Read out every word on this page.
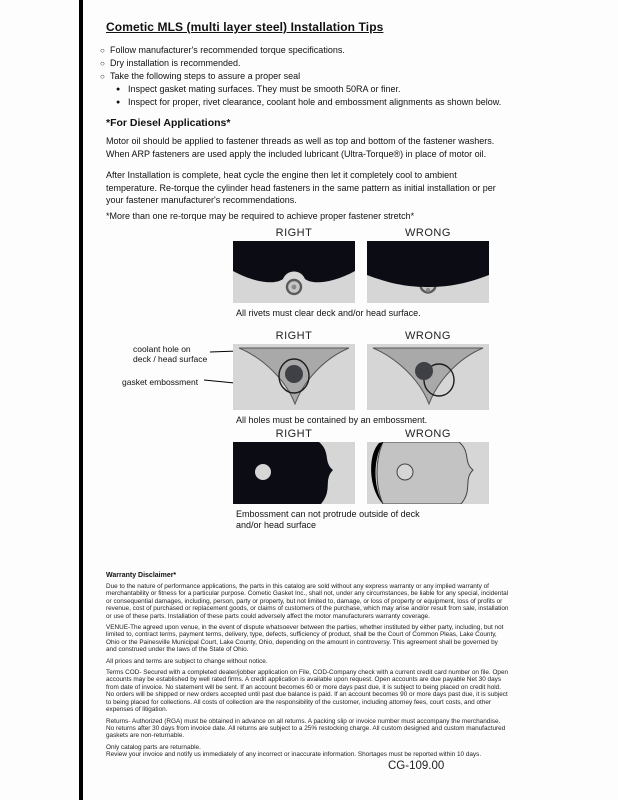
Cometic MLS (multi layer steel) Installation Tips
○ Follow manufacturer's recommended torque specifications.
○ Dry installation is recommended.
○ Take the following steps to assure a proper seal
● Inspect gasket mating surfaces. They must be smooth 50RA or finer.
● Inspect for proper, rivet clearance, coolant hole and embossment alignments as shown below.
*For Diesel Applications*

Motor oil should be applied to fastener threads as well as top and bottom of the fastener washers. When ARP fasteners are used apply the included lubricant (Ultra-Torque®) in place of motor oil.

After Installation is complete, heat cycle the engine then let it completely cool to ambient temperature. Re-torque the cylinder head fasteners in the same pattern as initial installation or per your fastener manufacturer's recommendations.

*More than one re-torque may be required to achieve proper fastener stretch*

RIGHT	WRONG
All rivets must clear deck and/or head surface.
coolant hole on
deck / head surface
gasket embossment
RIGHT	WRONG
All holes must be contained by an embossment.
RIGHT	WRONG
Embossment can not protrude outside of deck
and/or head surface
Warranty Disclaimer*

Due to the nature of performance applications, the parts in this catalog are sold without any express warranty or any implied warranty of merchantability or fitness for a particular purpose. Cometic Gasket Inc., shall not, under any circumstances, be liable for any special, incidental or consequential damages, including, person, party or property, but not limited to, damage, or loss of property or equipment, loss of profits or revenue, cost of purchased or replacement goods, or claims of customers of the purchase, which may arise and/or result from sale, installation or use of these parts. Installation of these parts could adversely affect the motor manufacturers warranty coverage.

VENUE-The agreed upon venue, in the event of dispute whatsoever between the parties, whether instituted by either party, including, but not limited to, contract terms, payment terms, delivery, type, defects, sufficiency of product, shall be the Court of Common Pleas, Lake County, Ohio or the Painesville Municipal Court, Lake County, Ohio, depending on the amount in controversy. This agreement shall be governed by and construed under the laws of the State of Ohio.

All prices and terms are subject to change without notice.

Terms COD- Secured with a completed dealer/jobber application on File, COD-Company check with a current credit card number on file. Open accounts may be established by well rated firms. A credit application is available upon request. Open accounts are due payable Net 30 days from date of invoice. No statement will be sent. If an account becomes 60 or more days past due, it is subject to being placed on credit hold. No orders will be shipped or new orders accepted until past due balance is paid. If an account becomes 90 or more days past due, it is subject to being placed for collections. All costs of collection are the responsibility of the customer, including attorney fees, court costs, and other expenses of litigation.

Returns- Authorized (RGA) must be obtained in advance on all returns. A packing slip or invoice number must accompany the merchandise. No returns after 30 days from invoice date. All returns are subject to a 25% restocking charge. All custom designed and custom manufactured gaskets are non-returnable.

Only catalog parts are returnable.

Review your invoice and notify us immediately of any incorrect or inaccurate information. Shortages must be reported within 10 days.

CG-109.00
